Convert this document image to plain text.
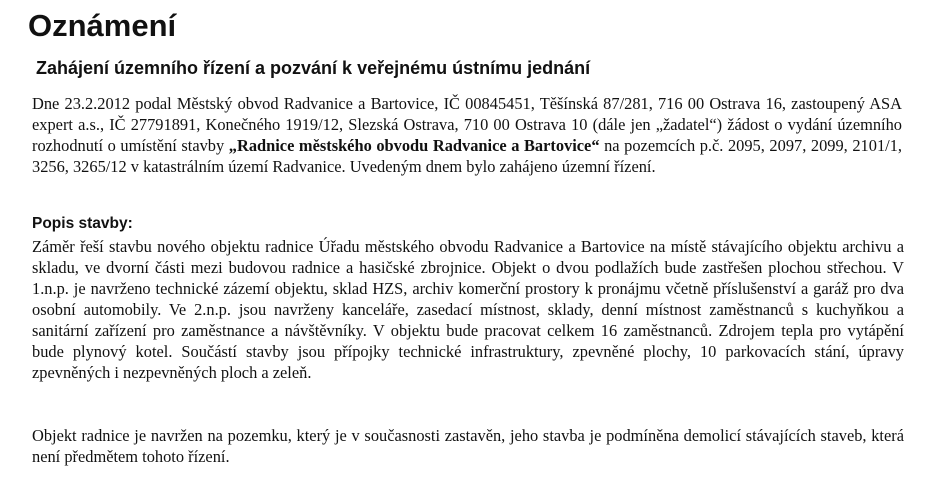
Oznámení
Zahájení územního řízení a pozvání k veřejnému ústnímu jednání

Dne 23.2.2012 podal Městský obvod Radvanice a Bartovice, IČ 00845451, Těšínská 87/281, 716 00 Ostrava 16, zastoupený ASA expert a.s., IČ 27791891, Konečného 1919/12, Slezská Ostrava, 710 00 Ostrava 10 (dále jen „žadatel“) žádost o vydání územního rozhodnutí o umístění stavby „Radnice městského obvodu Radvanice a Bartovice“ na pozemcích p.č. 2095, 2097, 2099, 2101/1, 3256, 3265/12 v katastrálním území Radvanice. Uvedeným dnem bylo zahájeno územní řízení.

Popis stavby:

Záměr řeší stavbu nového objektu radnice Úřadu městského obvodu Radvanice a Bartovice na místě stávajícího objektu archivu a skladu, ve dvorní části mezi budovou radnice a hasičské zbrojnice. Objekt o dvou podlažích bude zastřešen plochou střechou. V 1.n.p. je navrženo technické zázemí objektu, sklad HZS, archiv komerční prostory k pronájmu včetně příslušenství a garáž pro dva osobní automobily. Ve 2.n.p. jsou navrženy kanceláře, zasedací místnost, sklady, denní místnost zaměstnanců s kuchyňkou a sanitární zařízení pro zaměstnance a návštěvníky. V objektu bude pracovat celkem 16 zaměstnanců. Zdrojem tepla pro vytápění bude plynový kotel. Součástí stavby jsou přípojky technické infrastruktury, zpevněné plochy, 10 parkovacích stání, úpravy zpevněných i nezpevněných ploch a zeleň.

Objekt radnice je navržen na pozemku, který je v současnosti zastavěn, jeho stavba je podmíněna demolicí stávajících staveb, která není předmětem tohoto řízení.
